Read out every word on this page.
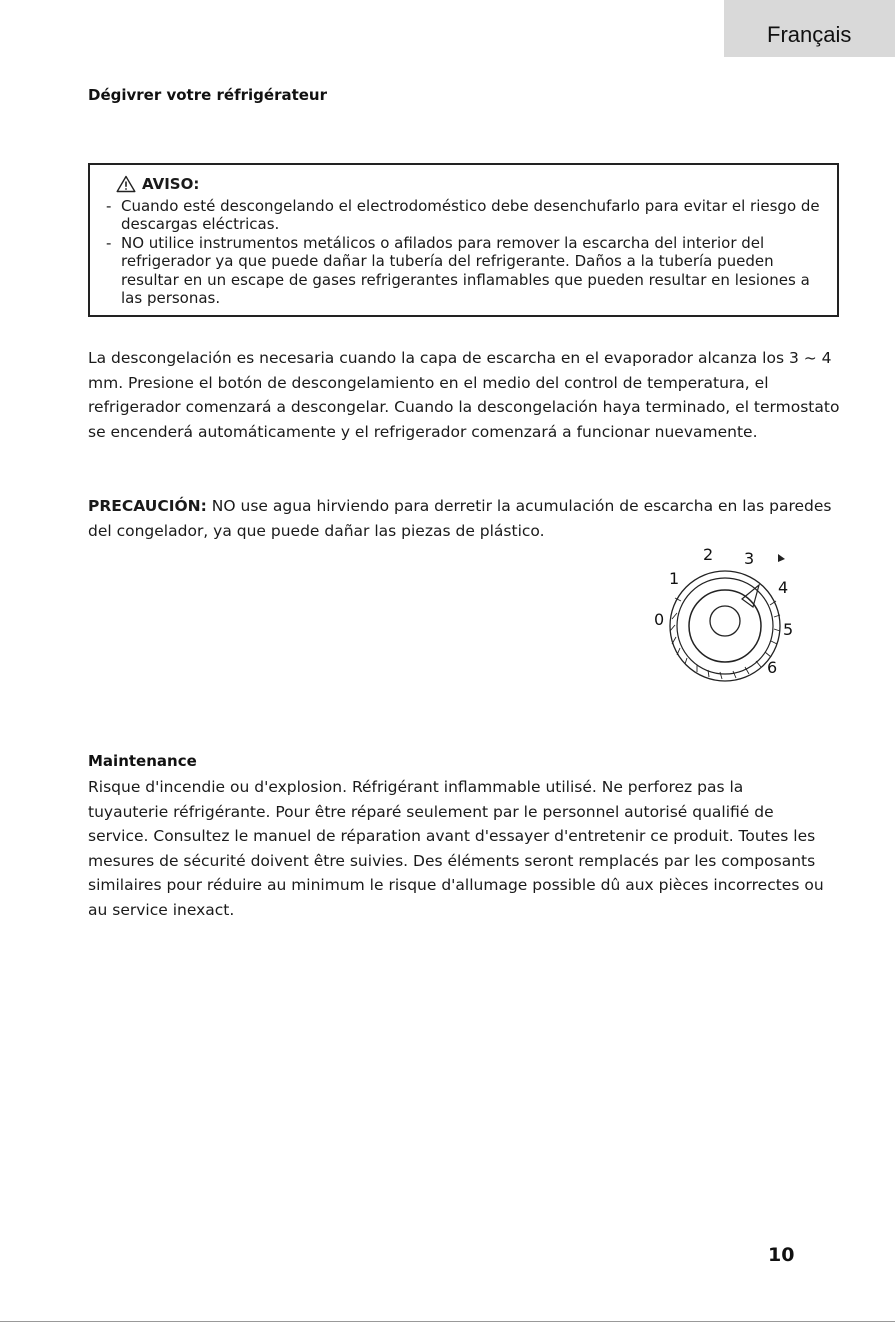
Français
Dégivrer votre réfrigérateur
AVISO:

- Cuando esté descongelando el electrodoméstico debe desenchufarlo para evitar el riesgo de descargas eléctricas.

- NO utilice instrumentos metálicos o afilados para remover la escarcha del interior del refrigerador ya que puede dañar la tubería del refrigerante. Daños a la tubería pueden resultar en un escape de gases refrigerantes inflamables que pueden resultar en lesiones a las personas.

La descongelación es necesaria cuando la capa de escarcha en el evaporador alcanza los 3 ~ 4 mm. Presione el botón de descongelamiento en el medio del control de temperatura, el refrigerador comenzará a descongelar. Cuando la descongelación haya terminado, el termostato se encenderá automáticamente y el refrigerador comenzará a funcionar nuevamente.

PRECAUCIÓN: NO use agua hirviendo para derretir la acumulación de escarcha en las paredes del congelador, ya que puede dañar las piezas de plástico.

0
1
2 3
4
5
6
Maintenance

Risque d'incendie ou d'explosion. Réfrigérant inflammable utilisé. Ne perforez pas la tuyauterie réfrigérante. Pour être réparé seulement par le personnel autorisé qualifié de service. Consultez le manuel de réparation avant d'essayer d'entretenir ce produit. Toutes les mesures de sécurité doivent être suivies. Des éléments seront remplacés par les composants similaires pour réduire au minimum le risque d'allumage possible dû aux pièces incorrectes ou au service inexact.

10
